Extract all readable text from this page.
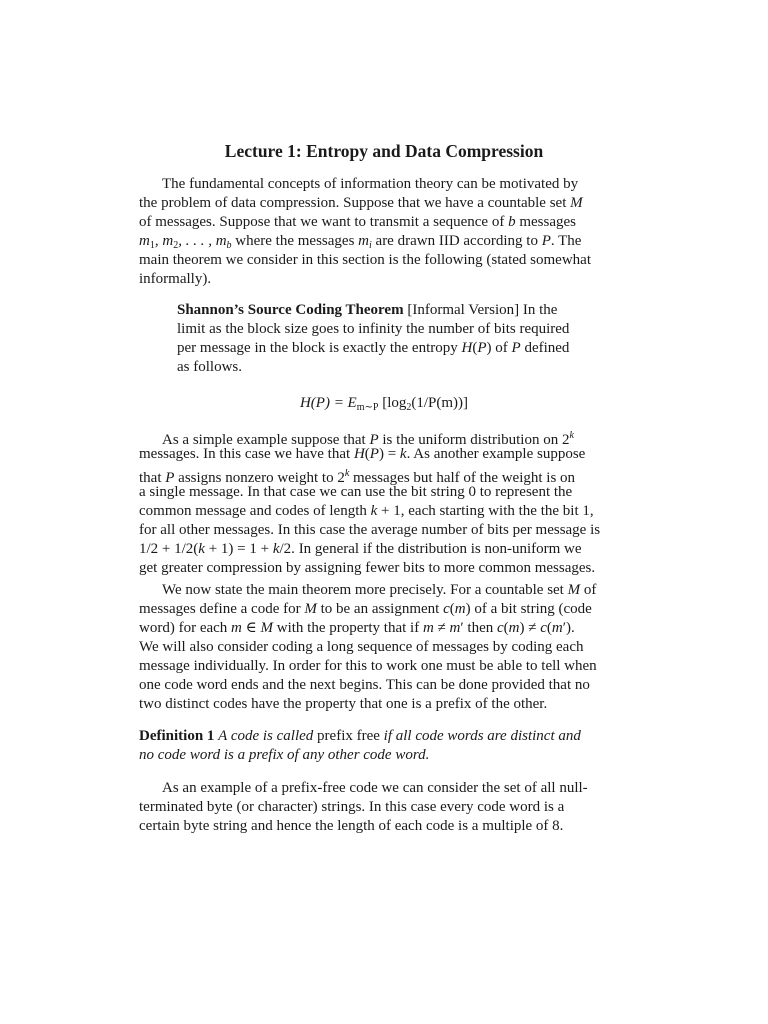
Lecture 1: Entropy and Data Compression
The fundamental concepts of information theory can be motivated by
the problem of data compression. Suppose that we have a countable set M
of messages. Suppose that we want to transmit a sequence of b messages
$m_1$, $m_2$, . . . , $m_b$ where the messages $m_i$ are drawn IID according to P. The
main theorem we consider in this section is the following (stated somewhat
informally).
Shannon’s Source Coding Theorem [Informal Version] In the
limit as the block size goes to infinity the number of bits required
per message in the block is exactly the entropy H(P) of P defined
as follows.
$H(P) = E_{m\sim P}$ $[\log_2(1/P(m))]$
As a simple example suppose that P is the uniform distribution on 2$^k$
messages. In this case we have that H(P) = k. As another example suppose
that P assigns nonzero weight to 2$^k$ messages but half of the weight is on
a single message. In that case we can use the bit string 0 to represent the
common message and codes of length k + 1, each starting with the the bit 1,
for all other messages. In this case the average number of bits per message is
1/2 + 1/2(k + 1) = 1 + k/2. In general if the distribution is non-uniform we
get greater compression by assigning fewer bits to more common messages.
We now state the main theorem more precisely. For a countable set M of
messages define a code for M to be an assignment c(m) of a bit string (code
word) for each m ∈ M with the property that if m ≠ m′ then c(m) ≠ c(m′).
We will also consider coding a long sequence of messages by coding each
message individually. In order for this to work one must be able to tell when
one code word ends and the next begins. This can be done provided that no
two distinct codes have the property that one is a prefix of the other.
Definition 1 A code is called prefix free if all code words are distinct and
no code word is a prefix of any other code word.
As an example of a prefix-free code we can consider the set of all null-
terminated byte (or character) strings. In this case every code word is a
certain byte string and hence the length of each code is a multiple of 8.
